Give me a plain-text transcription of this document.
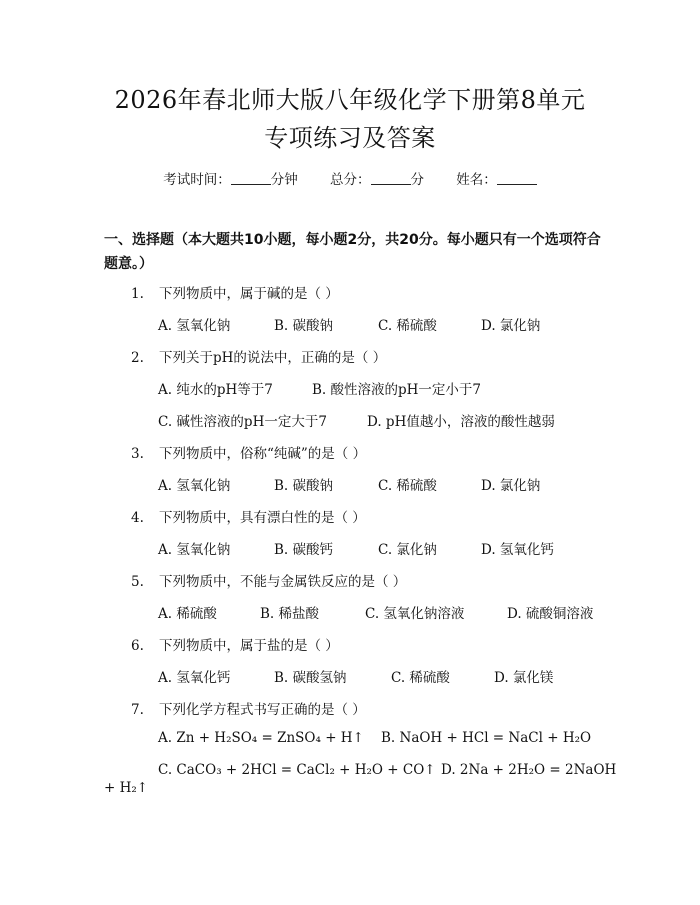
2026年春北师大版八年级化学下册第8单元
专项练习及答案
考试时间：	分钟 总分：	分 姓名：
一、选择题（本大题共10小题，每小题2分，共20分。每小题只有一个选项符合题意。）
1. 下列物质中，属于碱的是（ ）
A. 氢氧化钠	B. 碳酸钠	C. 稀硫酸	D. 氯化钠
2. 下列关于pH的说法中，正确的是（ ）
A. 纯水的pH等于7	B. 酸性溶液的pH一定小于7
C. 碱性溶液的pH一定大于7	D. pH值越小，溶液的酸性越弱
3. 下列物质中，俗称“纯碱”的是（ ）
A. 氢氧化钠	B. 碳酸钠	C. 稀硫酸	D. 氯化钠
4. 下列物质中，具有漂白性的是（ ）
A. 氢氧化钠	B. 碳酸钙	C. 氯化钠	D. 氢氧化钙
5. 下列物质中，不能与金属铁反应的是（ ）
A. 稀硫酸	B. 稀盐酸	C. 氢氧化钠溶液	D. 硫酸铜溶液
6. 下列物质中，属于盐的是（ ）
A. 氢氧化钙	B. 碳酸氢钠	C. 稀硫酸	D. 氯化镁
7. 下列化学方程式书写正确的是（ ）
A. Zn + H₂SO₄ = ZnSO₄ + H↑ B. NaOH + HCl = NaCl + H₂O
C. CaCO₃ + 2HCl = CaCl₂ + H₂O + CO↑ D. 2Na + 2H₂O = 2NaOH
+ H₂↑
